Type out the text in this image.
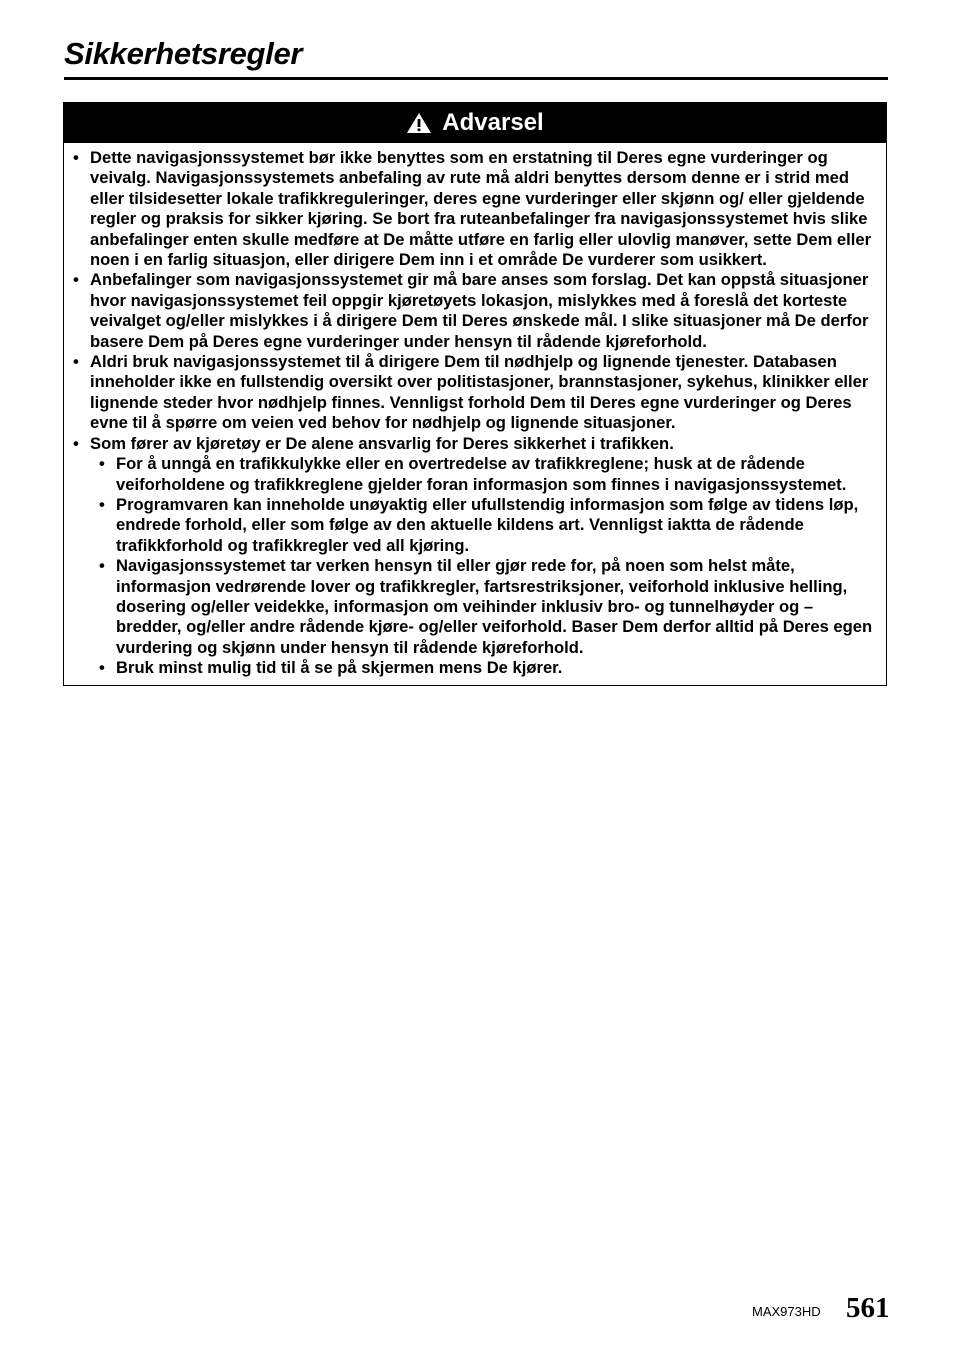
Sikkerhetsregler
Advarsel
• Dette navigasjonssystemet bør ikke benyttes som en erstatning til Deres egne vurderinger og veivalg. Navigasjonssystemets anbefaling av rute må aldri benyttes dersom denne er i strid med eller tilsidesetter lokale trafikkreguleringer, deres egne vurderinger eller skjønn og/ eller gjeldende regler og praksis for sikker kjøring. Se bort fra ruteanbefalinger fra navigasjonssystemet hvis slike anbefalinger enten skulle medføre at De måtte utføre en farlig eller ulovlig manøver, sette Dem eller noen i en farlig situasjon, eller dirigere Dem inn i et område De vurderer som usikkert.
• Anbefalinger som navigasjonssystemet gir må bare anses som forslag. Det kan oppstå situasjoner hvor navigasjonssystemet feil oppgir kjøretøyets lokasjon, mislykkes med å foreslå det korteste veivalget og/eller mislykkes i å dirigere Dem til Deres ønskede mål. I slike situasjoner må De derfor basere Dem på Deres egne vurderinger under hensyn til rådende kjøreforhold.
• Aldri bruk navigasjonssystemet til å dirigere Dem til nødhjelp og lignende tjenester. Databasen inneholder ikke en fullstendig oversikt over politistasjoner, brannstasjoner, sykehus, klinikker eller lignende steder hvor nødhjelp finnes. Vennligst forhold Dem til Deres egne vurderinger og Deres evne til å spørre om veien ved behov for nødhjelp og lignende situasjoner.
• Som fører av kjøretøy er De alene ansvarlig for Deres sikkerhet i trafikken.
• For å unngå en trafikkulykke eller en overtredelse av trafikkreglene; husk at de rådende veiforholdene og trafikkreglene gjelder foran informasjon som finnes i navigasjonssystemet.
• Programvaren kan inneholde unøyaktig eller ufullstendig informasjon som følge av tidens løp, endrede forhold, eller som følge av den aktuelle kildens art. Vennligst iaktta de rådende trafikkforhold og trafikkregler ved all kjøring.
• Navigasjonssystemet tar verken hensyn til eller gjør rede for, på noen som helst måte, informasjon vedrørende lover og trafikkregler, fartsrestriksjoner, veiforhold inklusive helling, dosering og/eller veidekke, informasjon om veihinder inklusiv bro- og tunnelhøyder og – bredder, og/eller andre rådende kjøre- og/eller veiforhold. Baser Dem derfor alltid på Deres egen vurdering og skjønn under hensyn til rådende kjøreforhold.
• Bruk minst mulig tid til å se på skjermen mens De kjører.
MAX973HD 561
